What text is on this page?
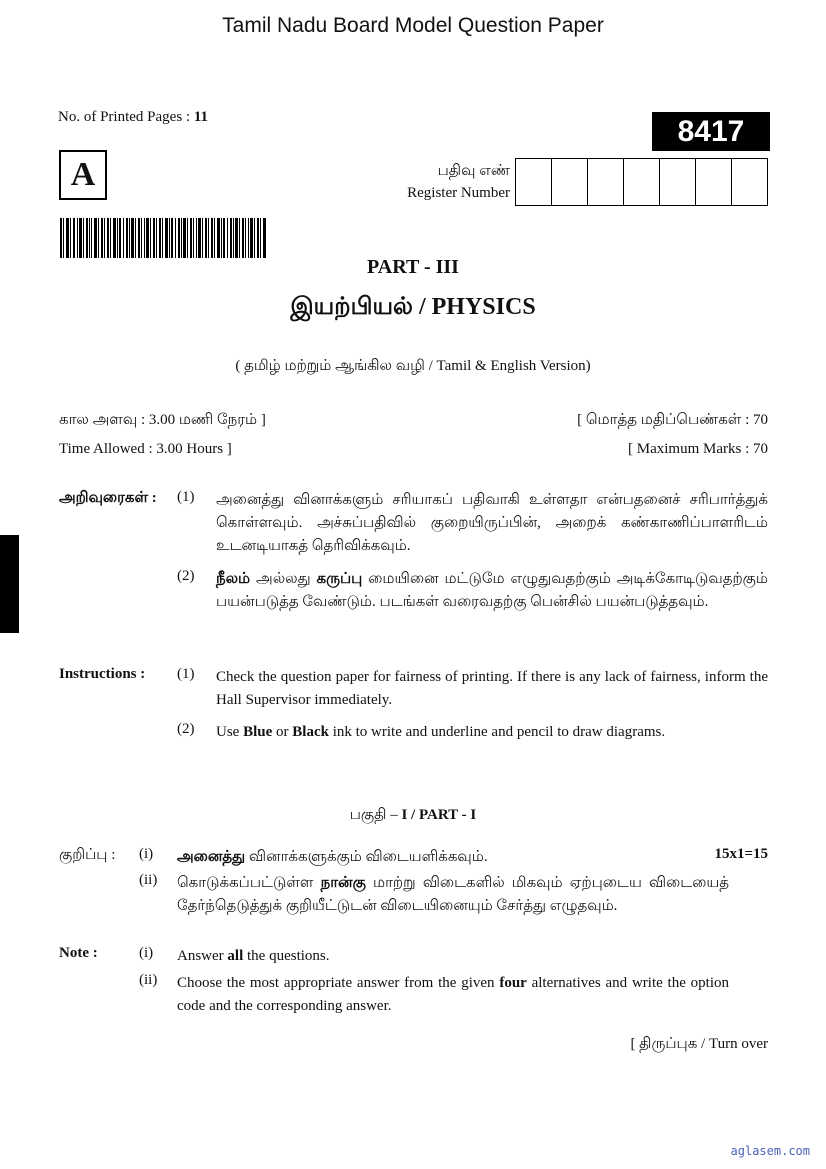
Tamil Nadu Board Model Question Paper
No. of Printed Pages : 11	8417
A	பதிவு எண்
Register Number
PART - III
இயற்பியல் / PHYSICS
( தமிழ் மற்றும் ஆங்கில வழி / Tamil & English Version)
கால அளவு : 3.00 மணி நேரம் ]	[ மொத்த மதிப்பெண்கள் : 70
Time Allowed : 3.00 Hours ]	[ Maximum Marks : 70
அறிவுரைகள் : (1) அனைத்து வினாக்களும் சரியாகப் பதிவாகி உள்ளதா என்பதனைச் சரிபார்த்துக் கொள்ளவும். அச்சுப்பதிவில் குறையிருப்பின், அறைக் கண்காணிப்பாளரிடம் உடனடியாகத் தெரிவிக்கவும்.
(2) நீலம் அல்லது கருப்பு மையினை மட்டுமே எழுதுவதற்கும் அடிக்கோடிடுவதற்கும் பயன்படுத்த வேண்டும். படங்கள் வரைவதற்கு பென்சில் பயன்படுத்தவும்.
Instructions : (1) Check the question paper for fairness of printing. If there is any lack of fairness, inform the Hall Supervisor immediately.
(2) Use Blue or Black ink to write and underline and pencil to draw diagrams.
பகுதி – I / PART - I
குறிப்பு : (i) அனைத்து வினாக்களுக்கும் விடையளிக்கவும்.	15x1=15
(ii) கொடுக்கப்பட்டுள்ள நான்கு மாற்று விடைகளில் மிகவும் ஏற்புடைய விடையைத் தேர்ந்தெடுத்துக் குறியீட்டுடன் விடையினையும் சேர்த்து எழுதவும்.
Note :	(i) Answer all the questions.
(ii) Choose the most appropriate answer from the given four alternatives and write the option code and the corresponding answer.
[ திருப்புக / Turn over
aglasem.com
